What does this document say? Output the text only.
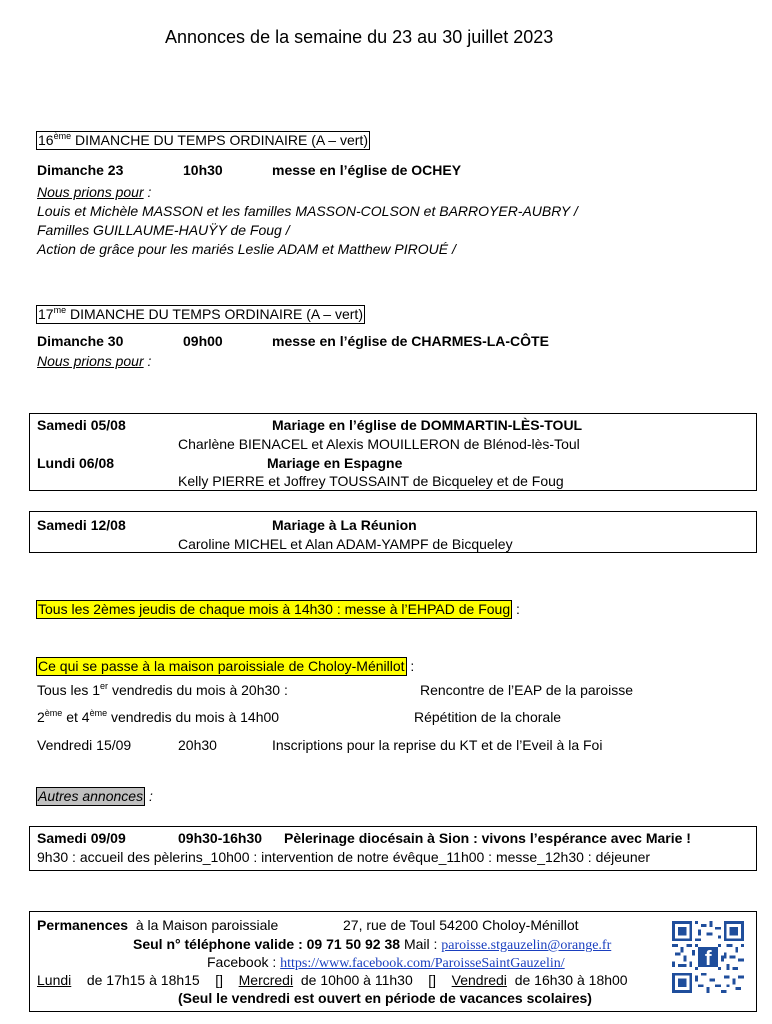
Annonces de la semaine du 23 au 30 juillet 2023
16ème DIMANCHE DU TEMPS ORDINAIRE (A – vert)
Dimanche 23	10h30	messe en l’église de OCHEY
Nous prions pour :
Louis et Michèle MASSON et les familles MASSON-COLSON et BARROYER-AUBRY /
Familles GUILLAUME-HAUŸY de Foug /
Action de grâce pour les mariés Leslie ADAM et Matthew PIROUÉ /
$17^{me}$ DIMANCHE DU TEMPS ORDINAIRE (A – vert)
Dimanche 30	09h00	messe en l’église de CHARMES-LA-CÔTE
Nous prions pour :
Samedi 05/08	Mariage en l’église de DOMMARTIN-LÈS-TOUL
Charlène BIENACEL et Alexis MOUILLERON de Blénod-lès-Toul
Lundi 06/08	Mariage en Espagne
Kelly PIERRE et Joffrey TOUSSAINT de Bicqueley et de Foug
Samedi 12/08	Mariage à La Réunion
Caroline MICHEL et Alan ADAM-YAMPF de Bicqueley
Tous les 2èmes jeudis de chaque mois à 14h30 : messe à l’EHPAD de Foug :
Ce qui se passe à la maison paroissiale de Choloy-Ménillot :
Tous les 1er vendredis du mois à 20h30 :	Rencontre de l’EAP de la paroisse
2ème et 4ème vendredis du mois à 14h00	Répétition de la chorale
Vendredi 15/09	20h30	Inscriptions pour la reprise du KT et de l’Eveil à la Foi
Autres annonces :
Samedi 09/09	09h30-16h30 Pèlerinage diocésain à Sion : vivons l’espérance avec Marie !
9h30 : accueil des pèlerins_10h00 : intervention de notre évêque_11h00 : messe_12h30 : déjeuner
Permanences à la Maison paroissiale	27, rue de Toul 54200 Choloy-Ménillot
Seul n° téléphone valide : 09 71 50 92 38 Mail : paroisse.stgauzelin@orange.fr
Facebook : https://www.facebook.com/ParoisseSaintGauzelin/
Lundi de 17h15 à 18h15 [] Mercredi de 10h00 à 11h30 [] Vendredi de 16h30 à 18h00
(Seul le vendredi est ouvert en période de vacances scolaires)
f
